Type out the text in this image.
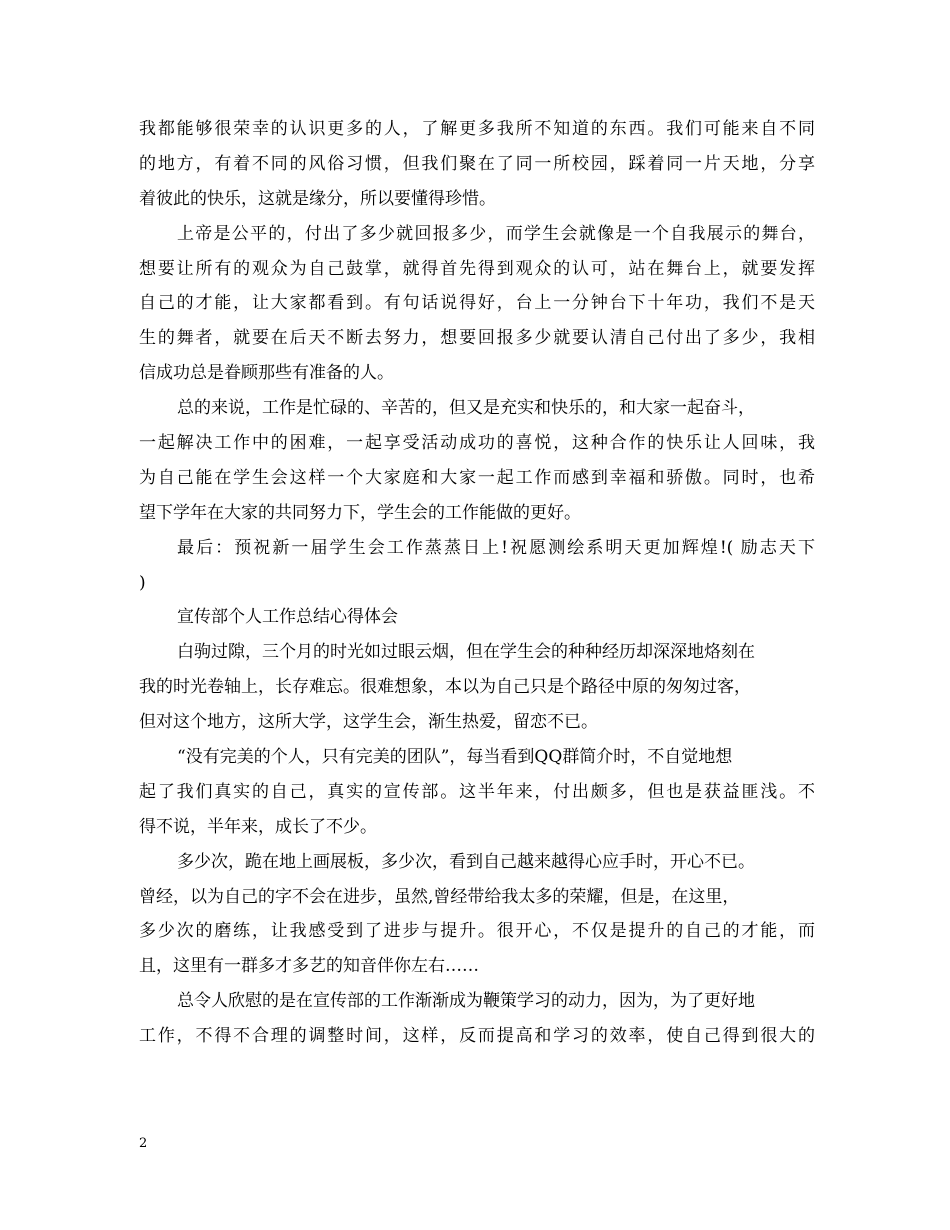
我都能够很荣幸的认识更多的人，了解更多我所不知道的东西。我们可能来自不同
的地方，有着不同的风俗习惯，但我们聚在了同一所校园，踩着同一片天地，分享
着彼此的快乐，这就是缘分，所以要懂得珍惜。
上帝是公平的，付出了多少就回报多少，而学生会就像是一个自我展示的舞台，
想要让所有的观众为自己鼓掌，就得首先得到观众的认可，站在舞台上，就要发挥
自己的才能，让大家都看到。有句话说得好，台上一分钟台下十年功，我们不是天
生的舞者，就要在后天不断去努力，想要回报多少就要认清自己付出了多少，我相
信成功总是眷顾那些有准备的人。
总的来说，工作是忙碌的、辛苦的，但又是充实和快乐的，和大家一起奋斗，
一起解决工作中的困难，一起享受活动成功的喜悦，这种合作的快乐让人回味，我
为自己能在学生会这样一个大家庭和大家一起工作而感到幸福和骄傲。同时，也希
望下学年在大家的共同努力下，学生会的工作能做的更好。
最后：预祝新一届学生会工作蒸蒸日上!祝愿测绘系明天更加辉煌!( 励志天下
)
宣传部个人工作总结心得体会
白驹过隙，三个月的时光如过眼云烟，但在学生会的种种经历却深深地烙刻在
我的时光卷轴上，长存难忘。很难想象，本以为自己只是个路径中原的匆匆过客，
但对这个地方，这所大学，这学生会，渐生热爱，留恋不已。
“没有完美的个人，只有完美的团队”，每当看到QQ群简介时，不自觉地想
起了我们真实的自己，真实的宣传部。这半年来，付出颇多，但也是获益匪浅。不
得不说，半年来，成长了不少。
多少次，跪在地上画展板，多少次，看到自己越来越得心应手时，开心不已。
曾经，以为自己的字不会在进步，虽然,曾经带给我太多的荣耀，但是，在这里，
多少次的磨练，让我感受到了进步与提升。很开心，不仅是提升的自己的才能，而
且，这里有一群多才多艺的知音伴你左右……
总令人欣慰的是在宣传部的工作渐渐成为鞭策学习的动力，因为，为了更好地
工作，不得不合理的调整时间，这样，反而提高和学习的效率，使自己得到很大的
2
